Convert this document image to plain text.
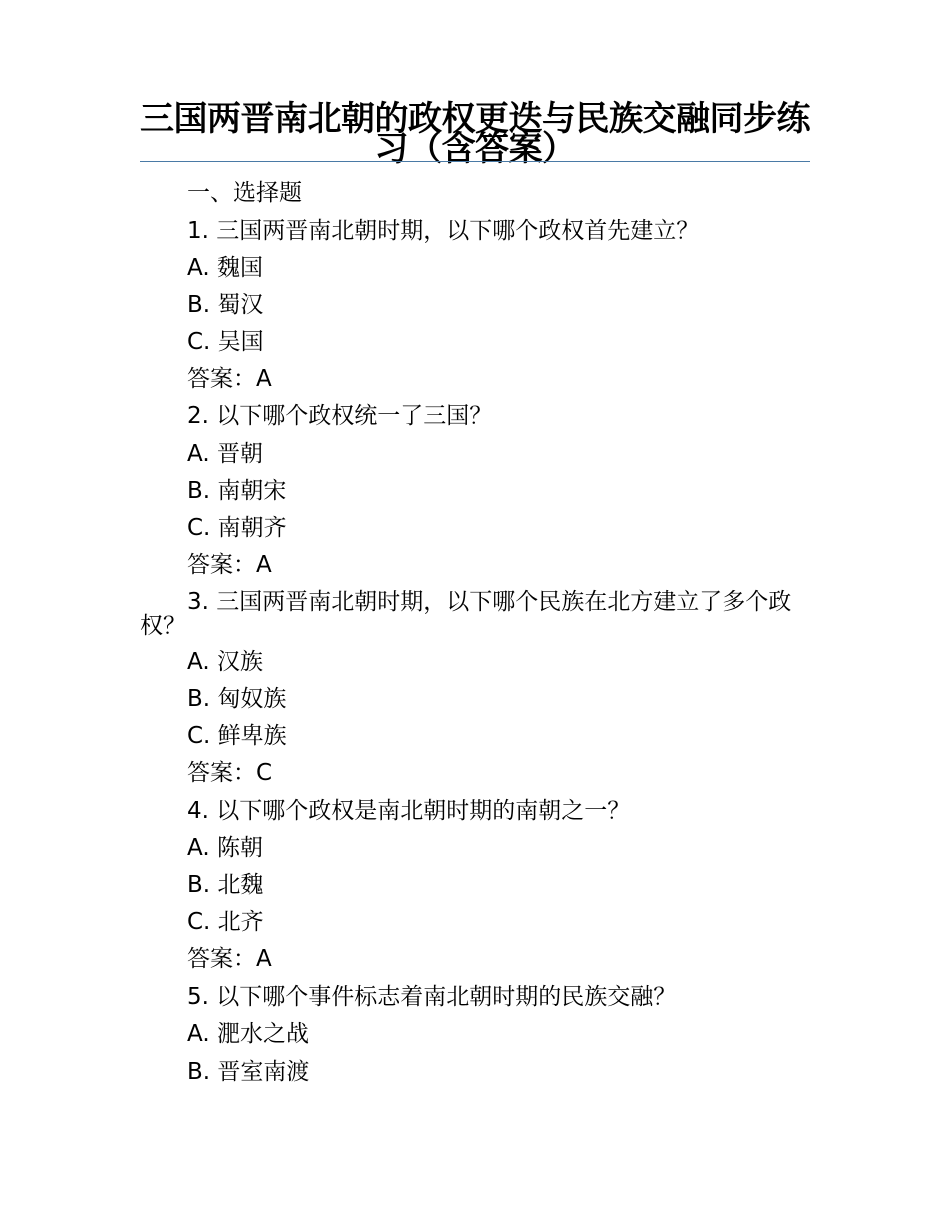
三国两晋南北朝的政权更迭与民族交融同步练习（含答案）
一、选择题
1. 三国两晋南北朝时期，以下哪个政权首先建立？
A. 魏国
B. 蜀汉
C. 吴国
答案：A
2. 以下哪个政权统一了三国？
A. 晋朝
B. 南朝宋
C. 南朝齐
答案：A
3. 三国两晋南北朝时期，以下哪个民族在北方建立了多个政权？
A. 汉族
B. 匈奴族
C. 鲜卑族
答案：C
4. 以下哪个政权是南北朝时期的南朝之一？
A. 陈朝
B. 北魏
C. 北齐
答案：A
5. 以下哪个事件标志着南北朝时期的民族交融？
A. 淝水之战
B. 晋室南渡
